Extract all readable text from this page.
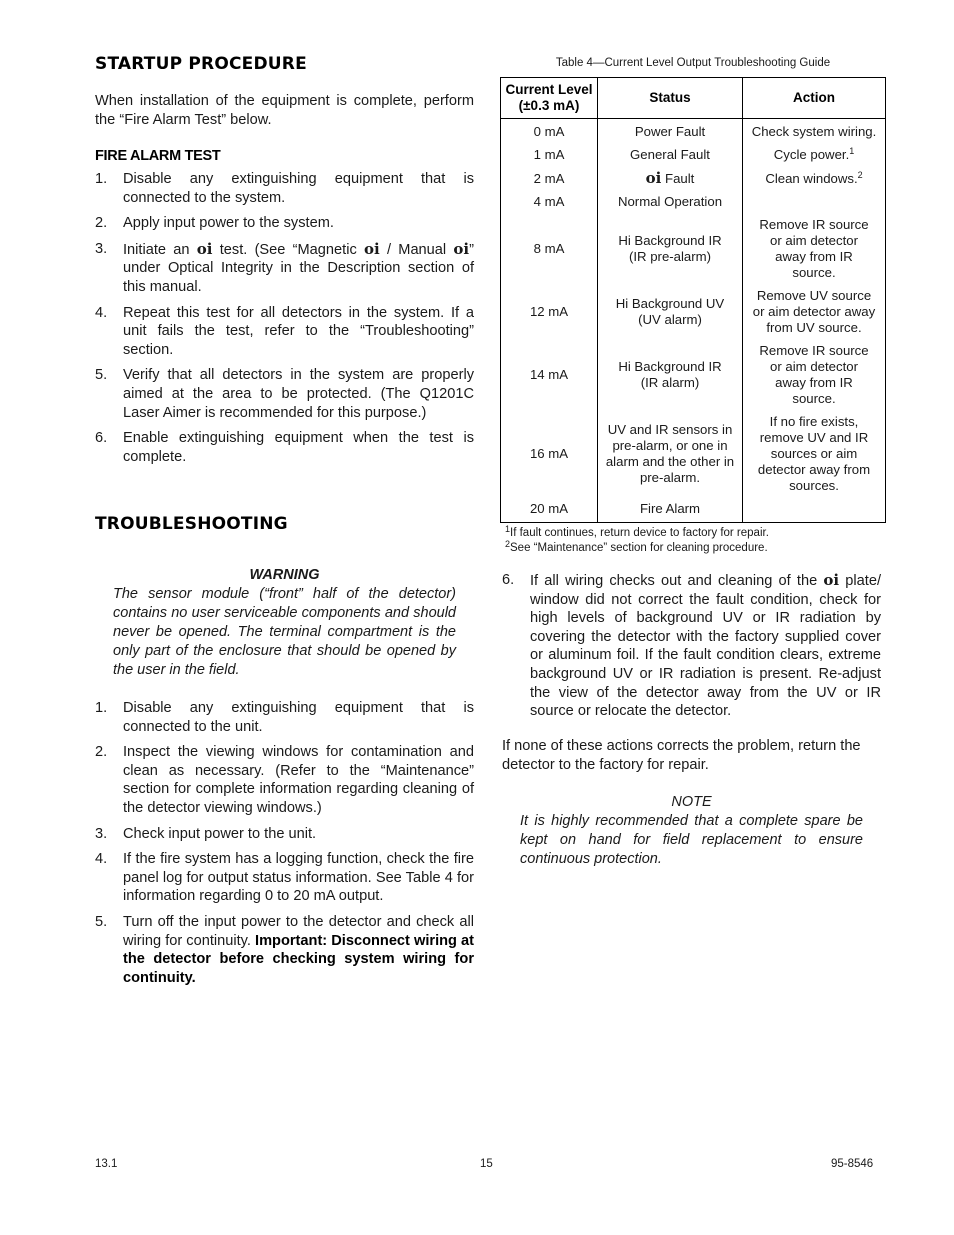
STARTUP PROCEDURE

When installation of the equipment is complete, perform the “Fire Alarm Test” below.

FIRE ALARM TEST
1.	Disable any extinguishing equipment that is connected to the system.
2.	Apply input power to the system.
3.	Initiate an oi test. (See “Magnetic oi / Manual oi” under Optical Integrity in the Description section of this manual.
4.	Repeat this test for all detectors in the system. If a unit fails the test, refer to the “Troubleshooting” section.
5.	Verify that all detectors in the system are properly aimed at the area to be protected. (The Q1201C Laser Aimer is recommended for this purpose.)
6.	Enable extinguishing equipment when the test is complete.
Table 4—Current Level Output Troubleshooting Guide
Current Level
(±0.3 mA)	Status	Action
0 mA	Power Fault	Check system wiring.
1 mA	General Fault	Cycle power.$^1$
2 mA	oi Fault	Clean windows.$^2$
4 mA	Normal Operation	
8 mA	Hi Background IR (IR pre-alarm)	Remove IR source or aim detector away from IR source.
12 mA	Hi Background UV (UV alarm)	Remove UV source or aim detector away from UV source.
14 mA	Hi Background IR (IR alarm)	Remove IR source or aim detector away from IR source.
16 mA	UV and IR sensors in pre-alarm, or one in alarm and the other in pre-alarm.	If no fire exists, remove UV and IR sources or aim detector away from sources.
20 mA	Fire Alarm	
$^1$If fault continues, return device to factory for repair.
$^2$See “Maintenance” section for cleaning procedure.
TROUBLESHOOTING
WARNING
The sensor module (“front” half of the detector) contains no user serviceable components and should never be opened. The terminal compartment is the only part of the enclosure that should be opened by the user in the field.
1.	Disable any extinguishing equipment that is connected to the unit.
2.	Inspect the viewing windows for contamination and clean as necessary. (Refer to the “Maintenance” section for complete information regarding cleaning of the detector viewing windows.)
3.	Check input power to the unit.
4.	If the fire system has a logging function, check the fire panel log for output status information. See Table 4 for information regarding 0 to 20 mA output.
5.	Turn off the input power to the detector and check all wiring for continuity. Important: Disconnect wiring at the detector before checking system wiring for continuity.
6.	If all wiring checks out and cleaning of the oi plate/ window did not correct the fault condition, check for high levels of background UV or IR radiation by covering the detector with the factory supplied cover or aluminum foil. If the fault condition clears, extreme background UV or IR radiation is present. Re-adjust the view of the detector away from the UV or IR source or relocate the detector.

If none of these actions corrects the problem, return the detector to the factory for repair.

NOTE
It is highly recommended that a complete spare be kept on hand for field replacement to ensure continuous protection.
13.1	15	95-8546
